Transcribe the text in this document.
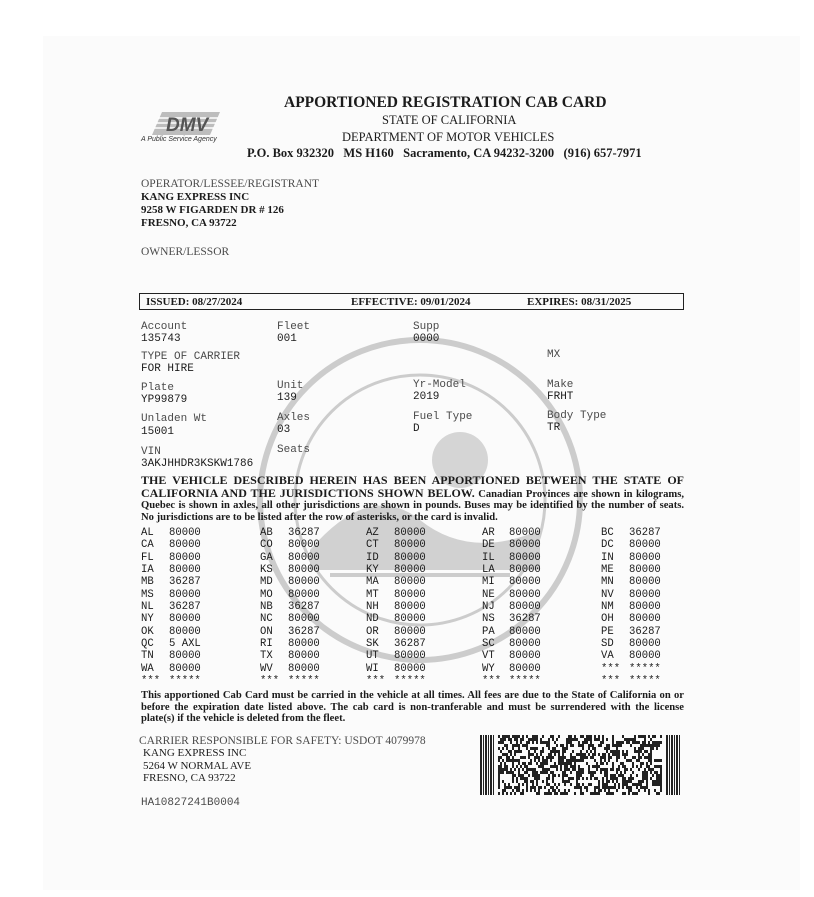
DMV
A Public Service Agency
APPORTIONED REGISTRATION CAB CARD
STATE OF CALIFORNIA
DEPARTMENT OF MOTOR VEHICLES
P.O. Box 932320   MS H160   Sacramento, CA 94232-3200   (916) 657-7971
OPERATOR/LESSEE/REGISTRANT
KANG EXPRESS INC
9258 W FIGARDEN DR # 126
FRESNO, CA 93722
OWNER/LESSOR
ISSUED: 08/27/2024	EFFECTIVE: 09/01/2024	EXPIRES: 08/31/2025
Account
135743
Fleet
001
Supp
0000
TYPE OF CARRIER
FOR HIRE
MX
Plate
YP99879
Unit
139
Yr-Model
2019
Make
FRHT
Unladen Wt
15001
Axles
03
Fuel Type
D
Body Type
TR
VIN
3AKJHHDR3KSKW1786
Seats
THE VEHICLE DESCRIBED HEREIN HAS BEEN APPORTIONED BETWEEN THE STATE OF CALIFORNIA AND THE JURISDICTIONS SHOWN BELOW. Canadian Provinces are shown in kilograms, Quebec is shown in axles, all other jurisdictions are shown in pounds. Buses may be identified by the number of seats. No jurisdictions are to be listed after the row of asterisks, or the card is invalid.
AL	80000	AB	36287	AZ	80000	AR	80000	BC	36287
CA	80000	CO	80000	CT	80000	DE	80000	DC	80000
FL	80000	GA	80000	ID	80000	IL	80000	IN	80000
IA	80000	KS	80000	KY	80000	LA	80000	ME	80000
MB	36287	MD	80000	MA	80000	MI	80000	MN	80000
MS	80000	MO	80000	MT	80000	NE	80000	NV	80000
NL	36287	NB	36287	NH	80000	NJ	80000	NM	80000
NY	80000	NC	80000	ND	80000	NS	36287	OH	80000
OK	80000	ON	36287	OR	80000	PA	80000	PE	36287
QC	5 AXL	RI	80000	SK	36287	SC	80000	SD	80000
TN	80000	TX	80000	UT	80000	VT	80000	VA	80000
WA	80000	WV	80000	WI	80000	WY	80000	***	*****
***	*****	***	*****	***	*****	***	*****	***	*****
This apportioned Cab Card must be carried in the vehicle at all times. All fees are due to the State of California on or before the expiration date listed above. The cab card is non-tranferable and must be surrendered with the license plate(s) if the vehicle is deleted from the fleet.
CARRIER RESPONSIBLE FOR SAFETY: USDOT 4079978
KANG EXPRESS INC
5264 W NORMAL AVE
FRESNO, CA 93722
HA10827241B0004
